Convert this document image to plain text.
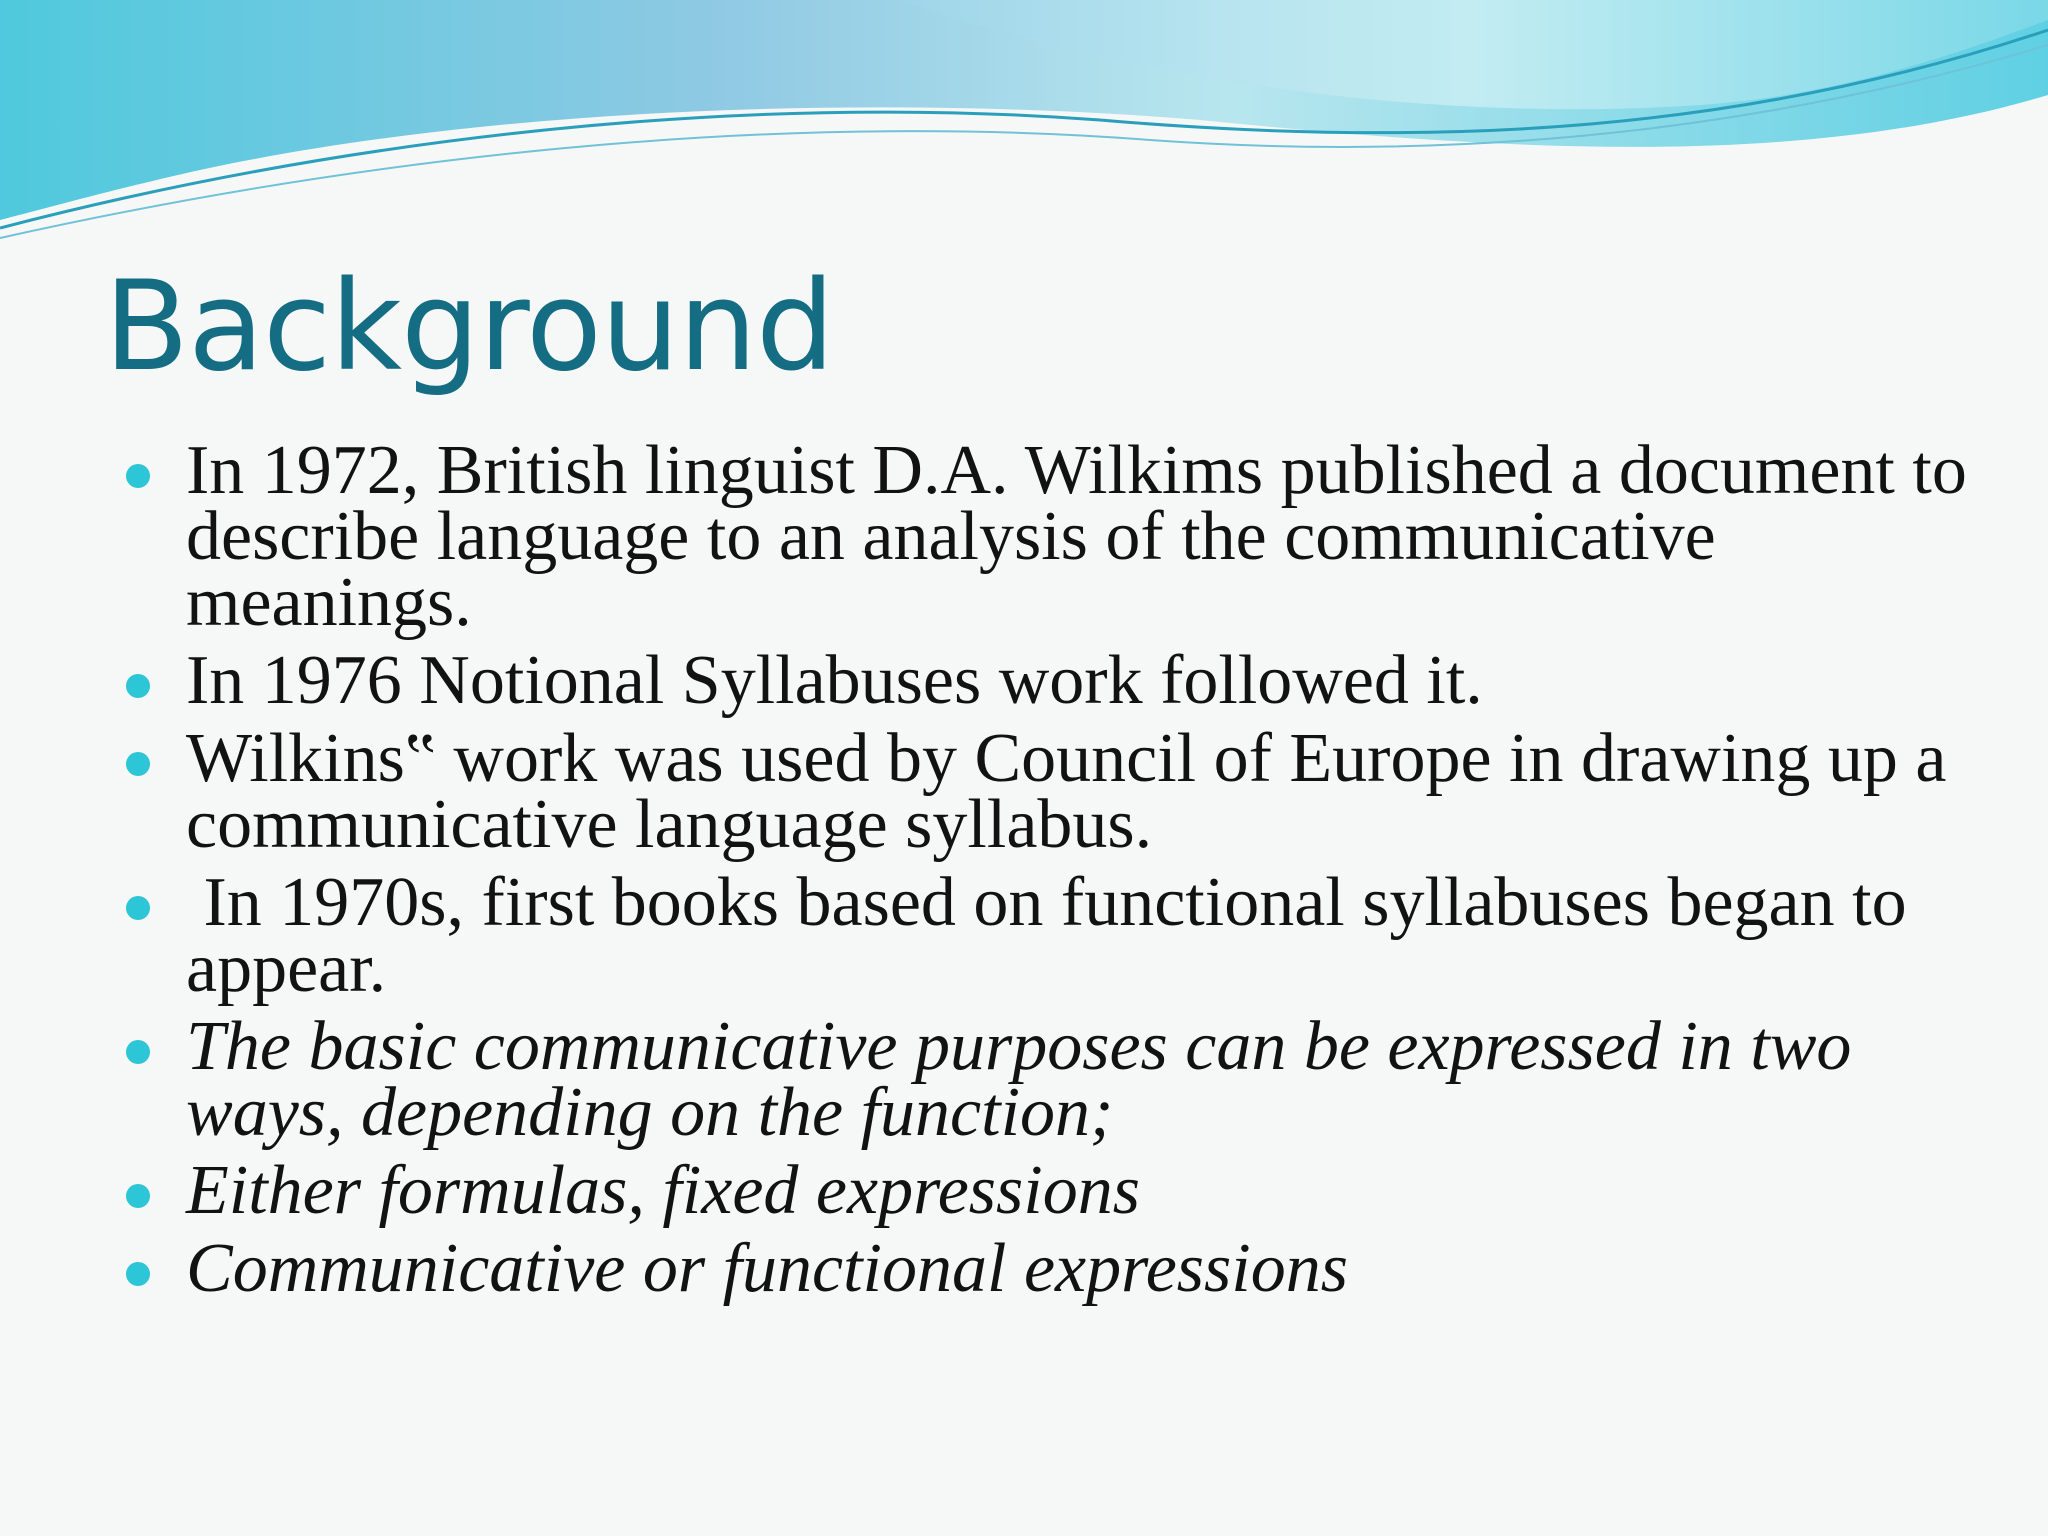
Background
In 1972, British linguist D.A. Wilkims published a document to describe language to an analysis of the communicative meanings.
In 1976 Notional Syllabuses work followed it.
Wilkins‟ work was used by Council of Europe in drawing up a communicative language syllabus.
In 1970s, first books based on functional syllabuses began to appear.
The basic communicative purposes can be expressed in two ways, depending on the function;
Either formulas, fixed expressions
Communicative or functional expressions
